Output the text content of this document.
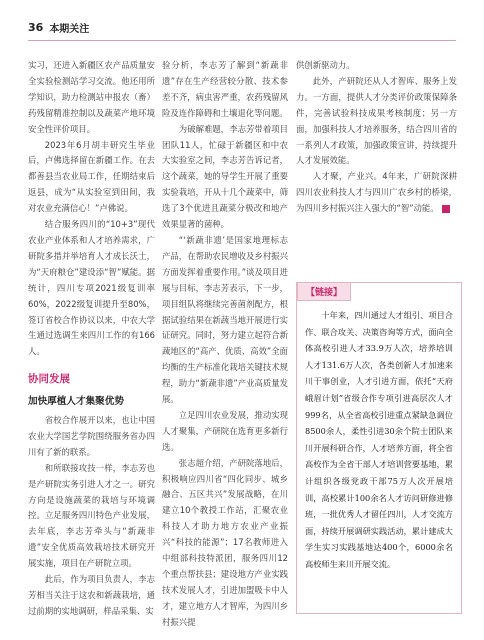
36 本期关注

实习，还进入新疆区农产品质量安全实验检测站学习交流。他还用所学知识，助力检测站申报农（畜）药残留精准控制以及蔬菜产地环境安全性评价项目。

2023年6月胡丰研究生毕业后，卢佛选择留在新疆工作。在去都善县当农业局工作，任期结束后返县，成为“从实验室到田间，我对农业充满信心！”卢佛说。

结合服务四川的“10+3”现代农业产业体系和人才培养需求，广研院多措并举培育人才成长沃土，为“天府粮仓”建设添“智”赋能。据统计，四川专项2021级复训率60%，2022级复训提升至80%，签订省校合作协议以来，中农大学生通过选调生来四川工作的有166人。

协同发展
加快厚植人才集聚优势

省校合作展开以来，也让中国农业大学国艺学院围绕服务省办四川有了新的联系。

和所联接攻技一样，李志芳也是产研院实务引进人才之一。研究方向是设施蔬菜的栽培与环境调控。立足服务四川特色产业发展，去年底，李志芳牵头与“新蔬非遗”安全优质高效栽培技术研究开展实施，项目在产研院立项。

此后，作为项目负责人，李志芳相当关注于这农和新蔬栽培，通过前期的实地调研，样品采集、实

验分析，李志芳了解到“新蔬非遗”存在生产经营较分散、技术参差不齐，病虫害严重，农药残留风险及连作障碍和土壤退化等问题。

为破解难题，李志芳带着项目团队11人，忙碌于新疆区和中农大实验室之间，李志芳告诉记者，这个蔬菜，她的导学生开展了重要实验栽培，开从十几个蔬菜中，筛选了3个优进且蔬菜分极改和地产效果显著的菌种。

“‘新蔬非遗’是国家地理标志产品，在帮助农民增收及乡村振兴方面发挥着重要作用。”谈及项目进展与目标，李志芳表示，下一步，项目组队将继续完善菌剂配方，根据试验结果在新蔬当地开展进行实证研究。同时，努力建立起符合新蔬地区的“高产、优质、高效”全面均衡的生产标准化栽培关键技术规程，助力“新蔬非遗”产业高质量发展。

立足四川农业发展，推动实现人才聚集，产研院在选育更多新行选。

张志超介绍，产研院落地后，积极响应四川省“四化同步、城乡融合、五区共兴”发展战略，在川建立10个教授工作站，汇聚农业科技人才助力地方农业产业振兴“科技的能源”；17名教师进入中组部科技特派团，服务四川12个重点帮扶县；建设地方产业实践技术发展人才，引进加盟吸卡中人才，建立地方人才智库，为四川乡村振兴提

供创新驱动力。

此外，产研院还从人才智库、服务上发力。一方面，提供人才分类评价政策保障条件，完善试验科技成果考核制度；另一方面，加强科技人才培养服务，结合四川省的一系列人才政策，加强政策宣讲，持续提升人才发展效能。

人才聚，产业兴。4年来，广研院深耕四川农业科技人才与四川广农乡村的桥梁，为四川乡村振兴注入强大的“智”动能。

【链接】

十年来，四川通过人才组引、项目合作、联合攻关、决策咨询等方式，面向全体高校引进人才33.9万人次，培养培训人才131.6万人次，各类创新人才加速来川干事创业，人才引进方面，依托“天府峨眉计划”省级合作专项引进高层次人才999名，从全省高校引进重点紧缺急调位8500余人，柔性引进30余个院士团队来川开展科研合作，人才培养方面，将全省高校作为全省干部人才培训营要基地，累计组织各级党政干部75万人次开展培训，高校累计100余名人才访问研修进修班，一批优秀人才留任四川，人才交流方面，持续开展调研实践活动，累计建成大学生实习实践基地达400个，6000余名高校师生来川开展交流。
